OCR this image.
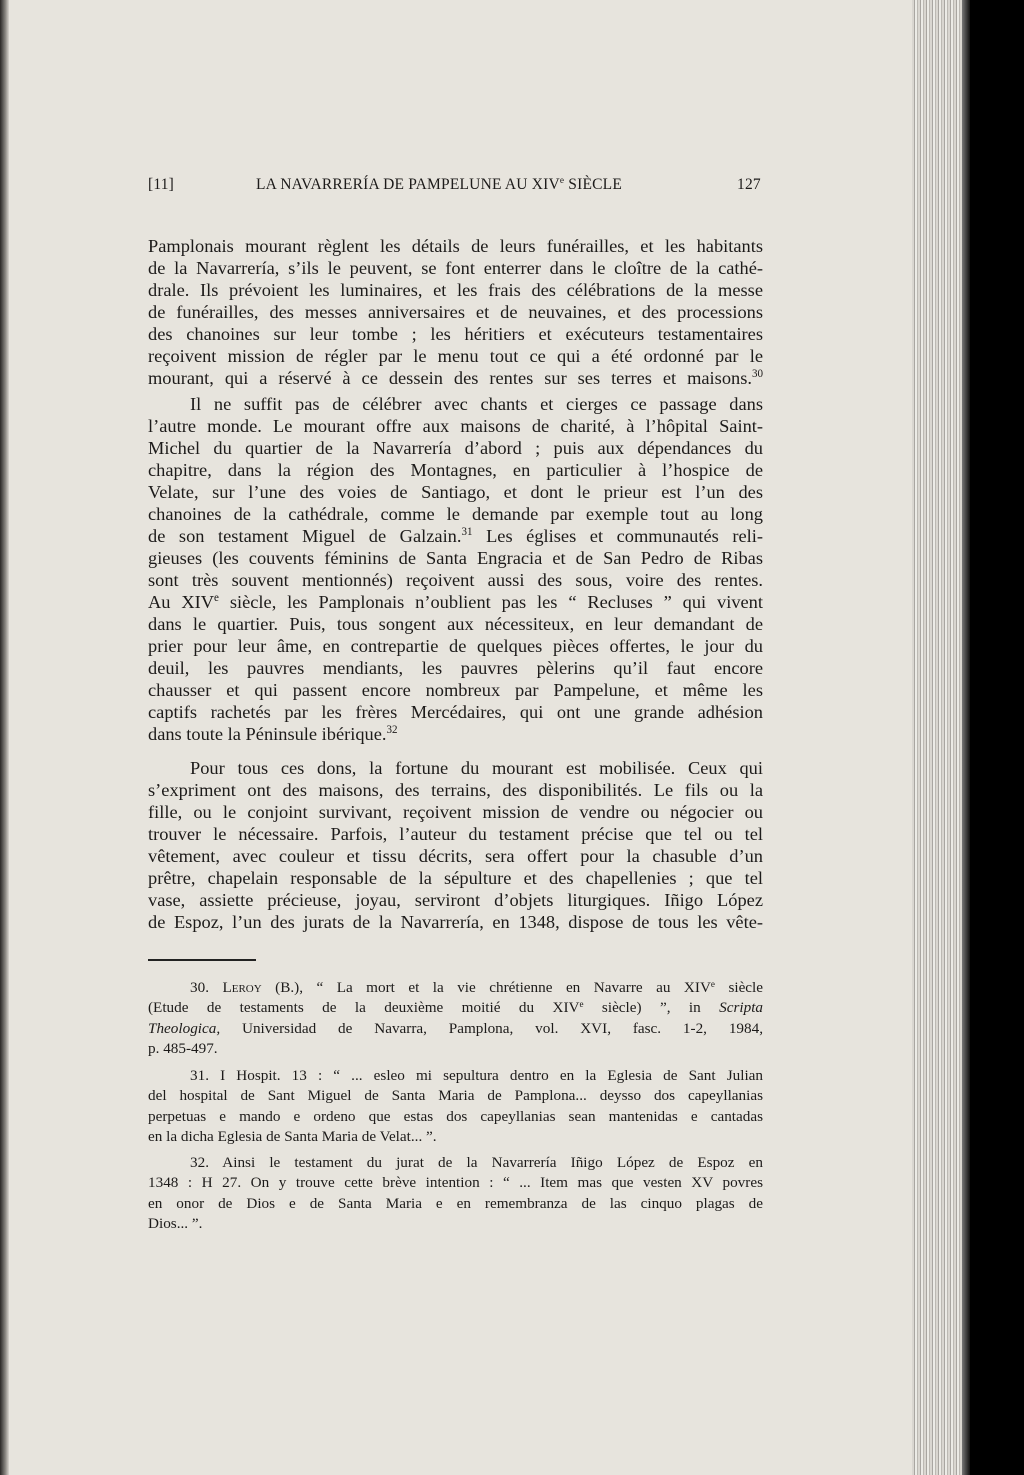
[11]	LA NAVARRERÍA DE PAMPELUNE AU XIVe SIÈCLE	127
Pamplonais mourant règlent les détails de leurs funérailles, et les habitants
de la Navarrería, s’ils le peuvent, se font enterrer dans le cloître de la cathé-
drale. Ils prévoient les luminaires, et les frais des célébrations de la messe
de funérailles, des messes anniversaires et de neuvaines, et des processions
des chanoines sur leur tombe ; les héritiers et exécuteurs testamentaires
reçoivent mission de régler par le menu tout ce qui a été ordonné par le
mourant, qui a réservé à ce dessein des rentes sur ses terres et maisons.$^{30}$
Il ne suffit pas de célébrer avec chants et cierges ce passage dans
l’autre monde. Le mourant offre aux maisons de charité, à l’hôpital Saint-
Michel du quartier de la Navarrería d’abord ; puis aux dépendances du
chapitre, dans la région des Montagnes, en particulier à l’hospice de
Velate, sur l’une des voies de Santiago, et dont le prieur est l’un des
chanoines de la cathédrale, comme le demande par exemple tout au long
de son testament Miguel de Galzain.$^{31}$ Les églises et communautés reli-
gieuses (les couvents féminins de Santa Engracia et de San Pedro de Ribas
sont très souvent mentionnés) reçoivent aussi des sous, voire des rentes.
Au XIVe siècle, les Pamplonais n’oublient pas les “ Recluses ” qui vivent
dans le quartier. Puis, tous songent aux nécessiteux, en leur demandant de
prier pour leur âme, en contrepartie de quelques pièces offertes, le jour du
deuil, les pauvres mendiants, les pauvres pèlerins qu’il faut encore
chausser et qui passent encore nombreux par Pampelune, et même les
captifs rachetés par les frères Mercédaires, qui ont une grande adhésion
dans toute la Péninsule ibérique.$^{32}$
Pour tous ces dons, la fortune du mourant est mobilisée. Ceux qui
s’expriment ont des maisons, des terrains, des disponibilités. Le fils ou la
fille, ou le conjoint survivant, reçoivent mission de vendre ou négocier ou
trouver le nécessaire. Parfois, l’auteur du testament précise que tel ou tel
vêtement, avec couleur et tissu décrits, sera offert pour la chasuble d’un
prêtre, chapelain responsable de la sépulture et des chapellenies ; que tel
vase, assiette précieuse, joyau, serviront d’objets liturgiques. Iñigo López
de Espoz, l’un des jurats de la Navarrería, en 1348, dispose de tous les vête-
30. Leroy (B.), “ La mort et la vie chrétienne en Navarre au XIVe siècle
(Etude de testaments de la deuxième moitié du XIVe siècle) ”, in Scripta
Theologica, Universidad de Navarra, Pamplona, vol. XVI, fasc. 1-2, 1984,
p. 485-497.
31. I Hospit. 13 : “ ... esleo mi sepultura dentro en la Eglesia de Sant Julian
del hospital de Sant Miguel de Santa Maria de Pamplona... deysso dos capeyllanias
perpetuas e mando e ordeno que estas dos capeyllanias sean mantenidas e cantadas
en la dicha Eglesia de Santa Maria de Velat... ”.
32. Ainsi le testament du jurat de la Navarrería Iñigo López de Espoz en
1348 : H 27. On y trouve cette brève intention : “ ... Item mas que vesten XV povres
en onor de Dios e de Santa Maria e en remembranza de las cinquo plagas de
Dios... ”.
